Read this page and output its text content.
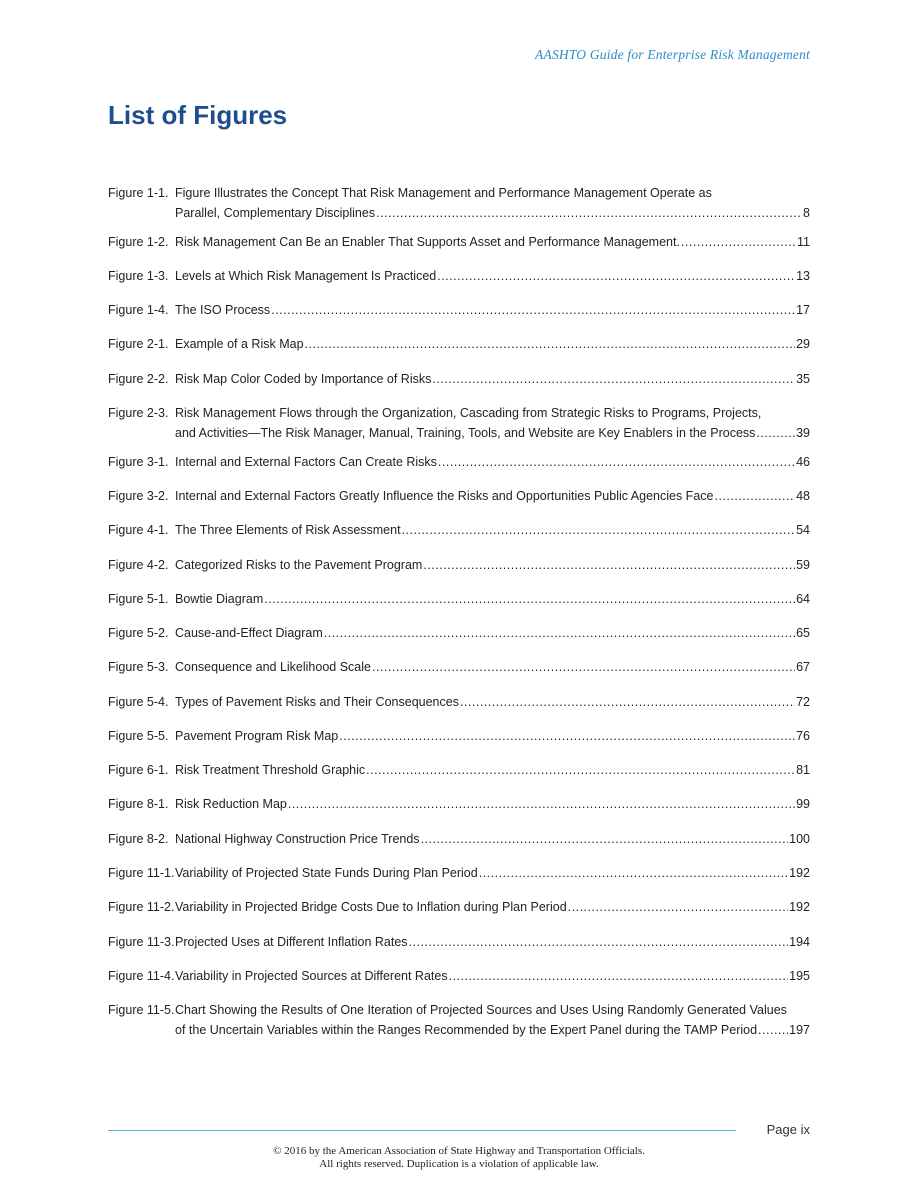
AASHTO Guide for Enterprise Risk Management
List of Figures
Figure 1-1. Figure Illustrates the Concept That Risk Management and Performance Management Operate as
Parallel, Complementary Disciplines .....	8
Figure 1-2. Risk Management Can Be an Enabler That Supports Asset and Performance Management. .....	11
Figure 1-3. Levels at Which Risk Management Is Practiced .....	13
Figure 1-4. The ISO Process .....	17
Figure 2-1. Example of a Risk Map .....	29
Figure 2-2. Risk Map Color Coded by Importance of Risks .....	35
Figure 2-3. Risk Management Flows through the Organization, Cascading from Strategic Risks to Programs, Projects,
and Activities—The Risk Manager, Manual, Training, Tools, and Website are Key Enablers in the Process .....	39
Figure 3-1. Internal and External Factors Can Create Risks .....	46
Figure 3-2. Internal and External Factors Greatly Influence the Risks and Opportunities Public Agencies Face .....	48
Figure 4-1. The Three Elements of Risk Assessment .....	54
Figure 4-2. Categorized Risks to the Pavement Program .....	59
Figure 5-1. Bowtie Diagram .....	64
Figure 5-2. Cause-and-Effect Diagram .....	65
Figure 5-3. Consequence and Likelihood Scale .....	67
Figure 5-4. Types of Pavement Risks and Their Consequences .....	72
Figure 5-5. Pavement Program Risk Map .....	76
Figure 6-1. Risk Treatment Threshold Graphic .....	81
Figure 8-1. Risk Reduction Map .....	99
Figure 8-2. National Highway Construction Price Trends .....	100
Figure 11-1. Variability of Projected State Funds During Plan Period .....	192
Figure 11-2. Variability in Projected Bridge Costs Due to Inflation during Plan Period .....	192
Figure 11-3. Projected Uses at Different Inflation Rates .....	194
Figure 11-4. Variability in Projected Sources at Different Rates .....	195
Figure 11-5. Chart Showing the Results of One Iteration of Projected Sources and Uses Using Randomly Generated Values
of the Uncertain Variables within the Ranges Recommended by the Expert Panel during the TAMP Period .....	197
Page ix
© 2016 by the American Association of State Highway and Transportation Officials.
All rights reserved. Duplication is a violation of applicable law.
